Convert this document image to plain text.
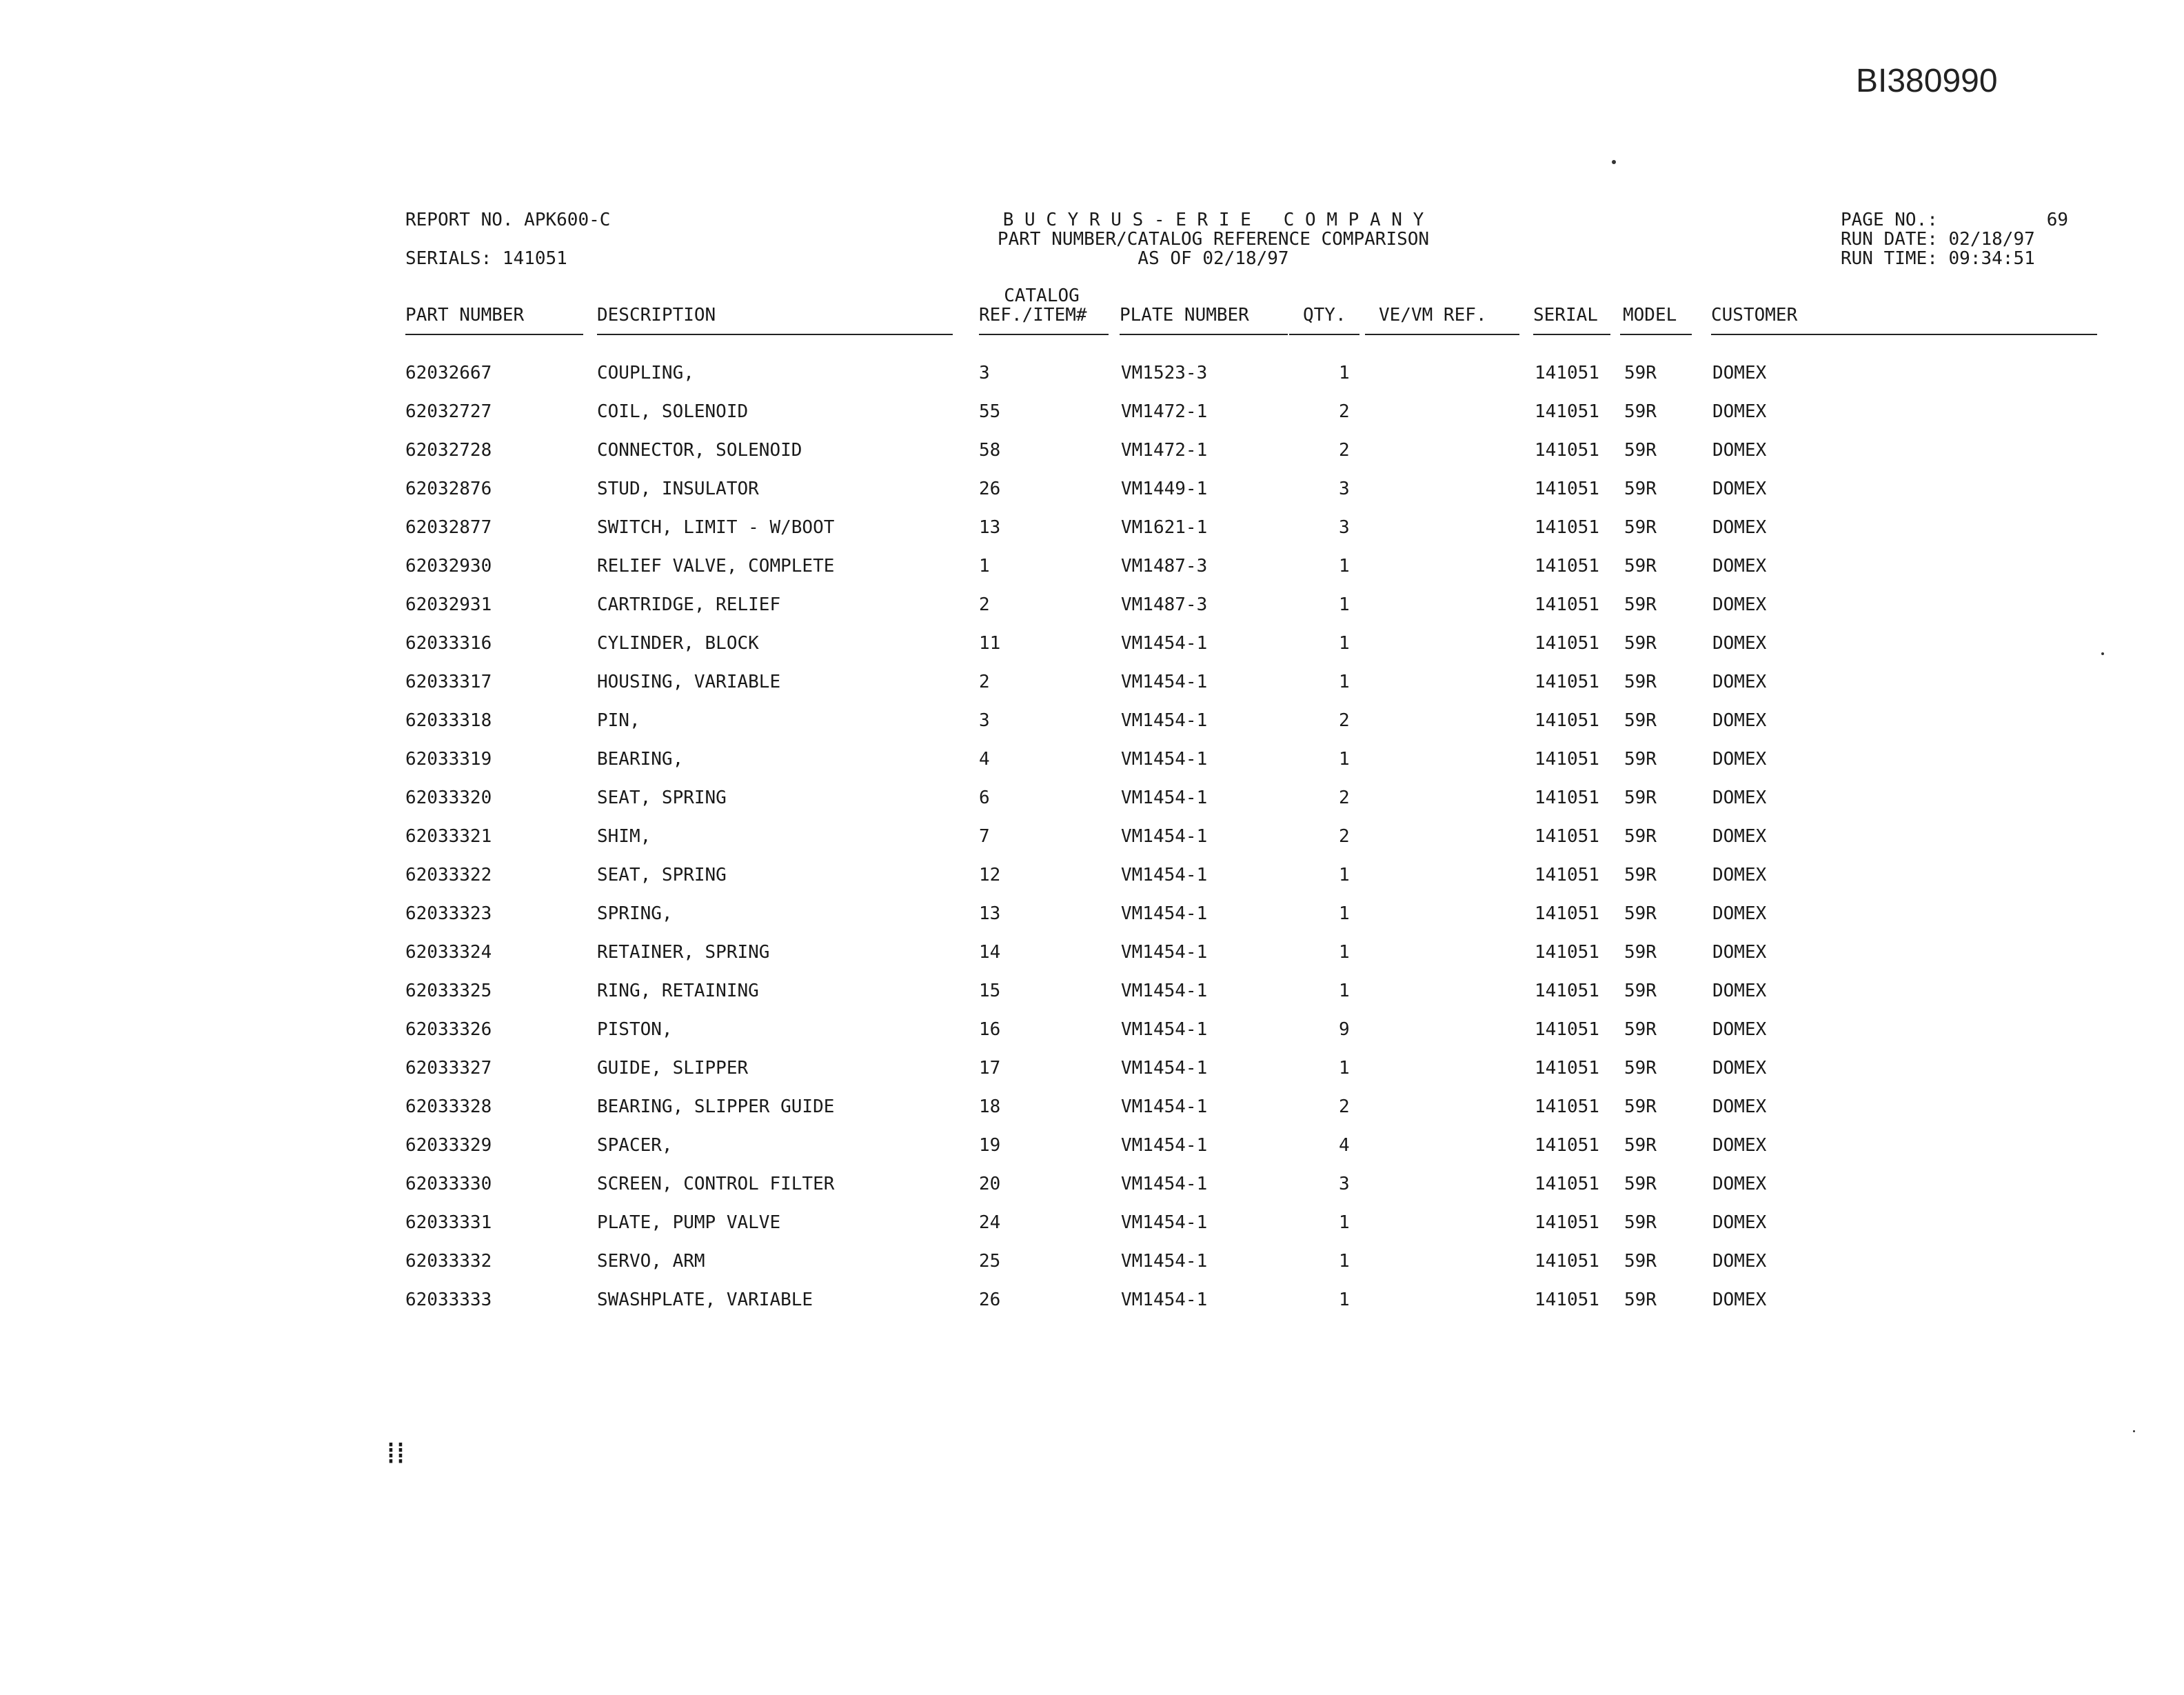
BI380990
REPORT NO. APK600-C
SERIALS: 141051
B U C Y R U S - E R I E   C O M P A N Y
PART NUMBER/CATALOG REFERENCE COMPARISON
AS OF 02/18/97
PAGE NO.:	69
RUN DATE: 02/18/97
RUN TIME: 09:34:51
PART NUMBER	DESCRIPTION
CATALOG
REF./ITEM# PLATE NUMBER	QTY. VE/VM REF.	SERIAL MODEL CUSTOMER
62032667	COUPLING,	3	VM1523-3	1	141051 59R	DOMEX
62032727	COIL, SOLENOID	55	VM1472-1	2	141051 59R	DOMEX
62032728	CONNECTOR, SOLENOID	58	VM1472-1	2	141051 59R	DOMEX
62032876	STUD, INSULATOR	26	VM1449-1	3	141051 59R	DOMEX
62032877	SWITCH, LIMIT - W/BOOT	13	VM1621-1	3	141051 59R	DOMEX
62032930	RELIEF VALVE, COMPLETE	1	VM1487-3	1	141051 59R	DOMEX
62032931	CARTRIDGE, RELIEF	2	VM1487-3	1	141051 59R	DOMEX
62033316	CYLINDER, BLOCK	11	VM1454-1	1	141051 59R	DOMEX
62033317	HOUSING, VARIABLE	2	VM1454-1	1	141051 59R	DOMEX
62033318	PIN,	3	VM1454-1	2	141051 59R	DOMEX
62033319	BEARING,	4	VM1454-1	1	141051 59R	DOMEX
62033320	SEAT, SPRING	6	VM1454-1	2	141051 59R	DOMEX
62033321	SHIM,	7	VM1454-1	2	141051 59R	DOMEX
62033322	SEAT, SPRING	12	VM1454-1	1	141051 59R	DOMEX
62033323	SPRING,	13	VM1454-1	1	141051 59R	DOMEX
62033324	RETAINER, SPRING	14	VM1454-1	1	141051 59R	DOMEX
62033325	RING, RETAINING	15	VM1454-1	1	141051 59R	DOMEX
62033326	PISTON,	16	VM1454-1	9	141051 59R	DOMEX
62033327	GUIDE, SLIPPER	17	VM1454-1	1	141051 59R	DOMEX
62033328	BEARING, SLIPPER GUIDE	18	VM1454-1	2	141051 59R	DOMEX
62033329	SPACER,	19	VM1454-1	4	141051 59R	DOMEX
62033330	SCREEN, CONTROL FILTER	20	VM1454-1	3	141051 59R	DOMEX
62033331	PLATE, PUMP VALVE	24	VM1454-1	1	141051 59R	DOMEX
62033332	SERVO, ARM	25	VM1454-1	1	141051 59R	DOMEX
62033333	SWASHPLATE, VARIABLE	26	VM1454-1	1	141051 59R	DOMEX
⁞⁞
